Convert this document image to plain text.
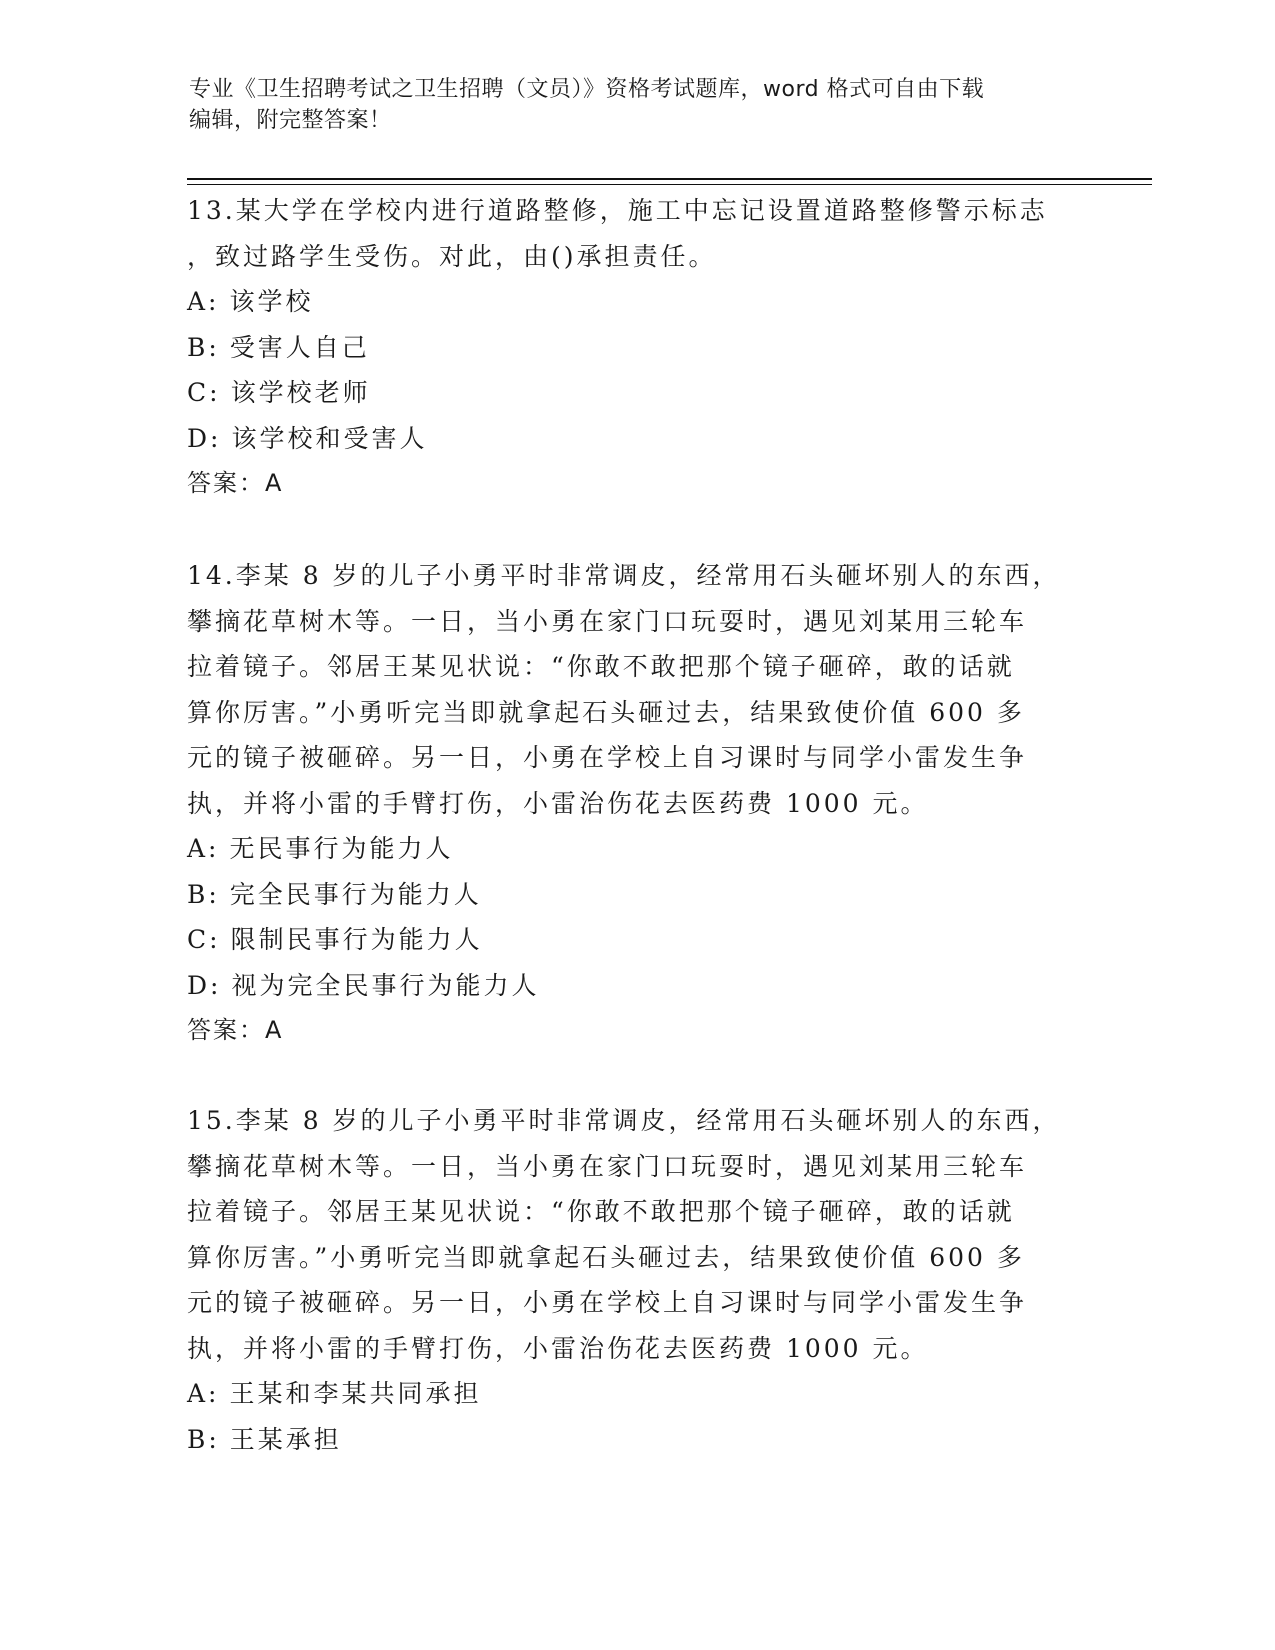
专业《卫生招聘考试之卫生招聘（文员）》资格考试题库，word 格式可自由下载
编辑，附完整答案！
13.某大学在学校内进行道路整修，施工中忘记设置道路整修警示标志
，致过路学生受伤。对此，由()承担责任。
A: 该学校
B: 受害人自己
C: 该学校老师
D: 该学校和受害人
答案：A
14.李某 8 岁的儿子小勇平时非常调皮，经常用石头砸坏别人的东西，
攀摘花草树木等。一日，当小勇在家门口玩耍时，遇见刘某用三轮车
拉着镜子。邻居王某见状说：“你敢不敢把那个镜子砸碎，敢的话就
算你厉害。”小勇听完当即就拿起石头砸过去，结果致使价值 600 多
元的镜子被砸碎。另一日，小勇在学校上自习课时与同学小雷发生争
执，并将小雷的手臂打伤，小雷治伤花去医药费 1000 元。
A: 无民事行为能力人
B: 完全民事行为能力人
C: 限制民事行为能力人
D: 视为完全民事行为能力人
答案：A
15.李某 8 岁的儿子小勇平时非常调皮，经常用石头砸坏别人的东西，
攀摘花草树木等。一日，当小勇在家门口玩耍时，遇见刘某用三轮车
拉着镜子。邻居王某见状说：“你敢不敢把那个镜子砸碎，敢的话就
算你厉害。”小勇听完当即就拿起石头砸过去，结果致使价值 600 多
元的镜子被砸碎。另一日，小勇在学校上自习课时与同学小雷发生争
执，并将小雷的手臂打伤，小雷治伤花去医药费 1000 元。
A: 王某和李某共同承担
B: 王某承担
